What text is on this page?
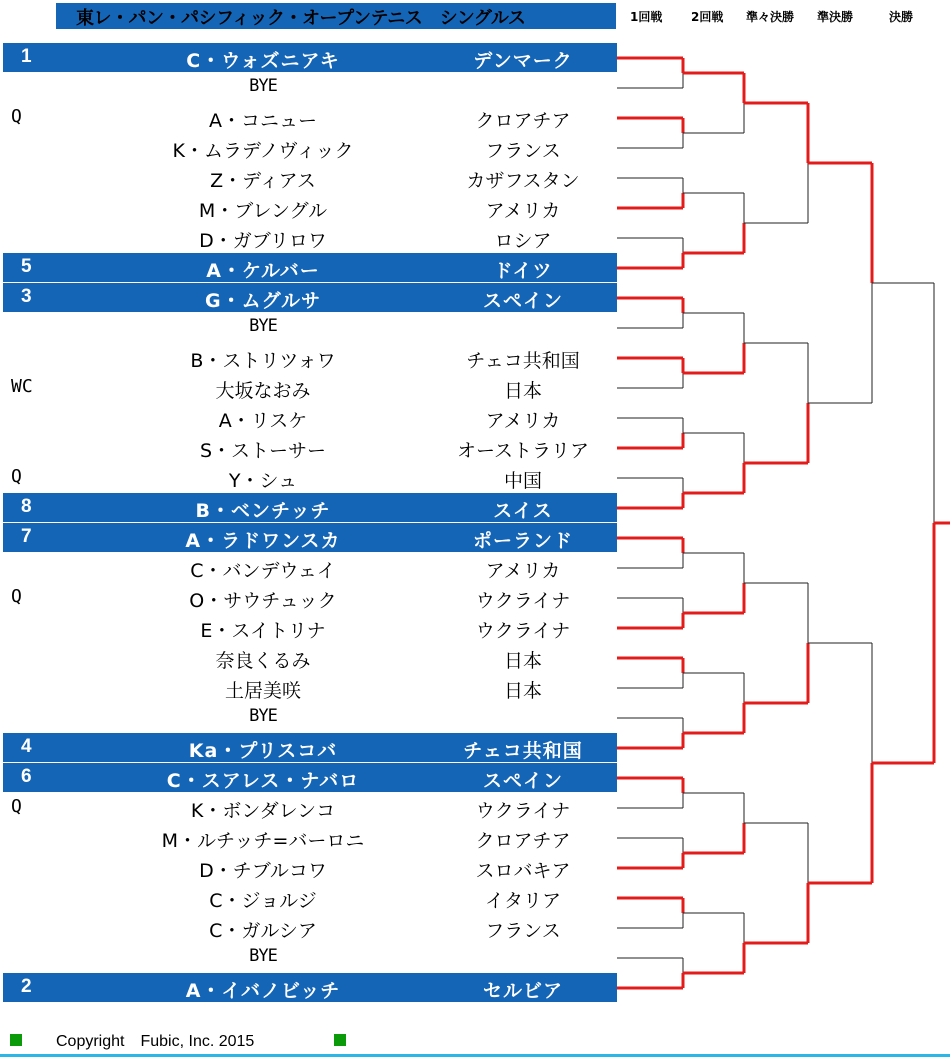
東レ・パン・パシフィック・オープンテニス　シングルス	1回戦 2回戦 準々決勝 準決勝	決勝
1	C・ウォズニアキ	デンマーク
BYE
Q	A・コニュー	クロアチア
K・ムラデノヴィック	フランス
Z・ディアス	カザフスタン
M・ブレングル	アメリカ
D・ガブリロワ	ロシア
5	A・ケルバー	ドイツ
3	G・ムグルサ	スペイン
BYE
B・ストリツォワ	チェコ共和国
WC	大坂なおみ	日本
A・リスケ	アメリカ
S・ストーサー	オーストラリア
Q	Y・シュ	中国
8	B・ベンチッチ	スイス
7	A・ラドワンスカ	ポーランド
C・バンデウェイ	アメリカ
Q	O・サウチュック	ウクライナ
E・スイトリナ	ウクライナ
奈良くるみ	日本
土居美咲	日本
BYE
4	Ka・プリスコバ	チェコ共和国
6	C・スアレス・ナバロ	スペイン
Q	K・ボンダレンコ	ウクライナ
M・ルチッチ=バーロニ	クロアチア
D・チブルコワ	スロバキア
C・ジョルジ	イタリア
C・ガルシア	フランス
BYE
2	A・イバノビッチ	セルビア
Copyright　Fubic, Inc. 2015
